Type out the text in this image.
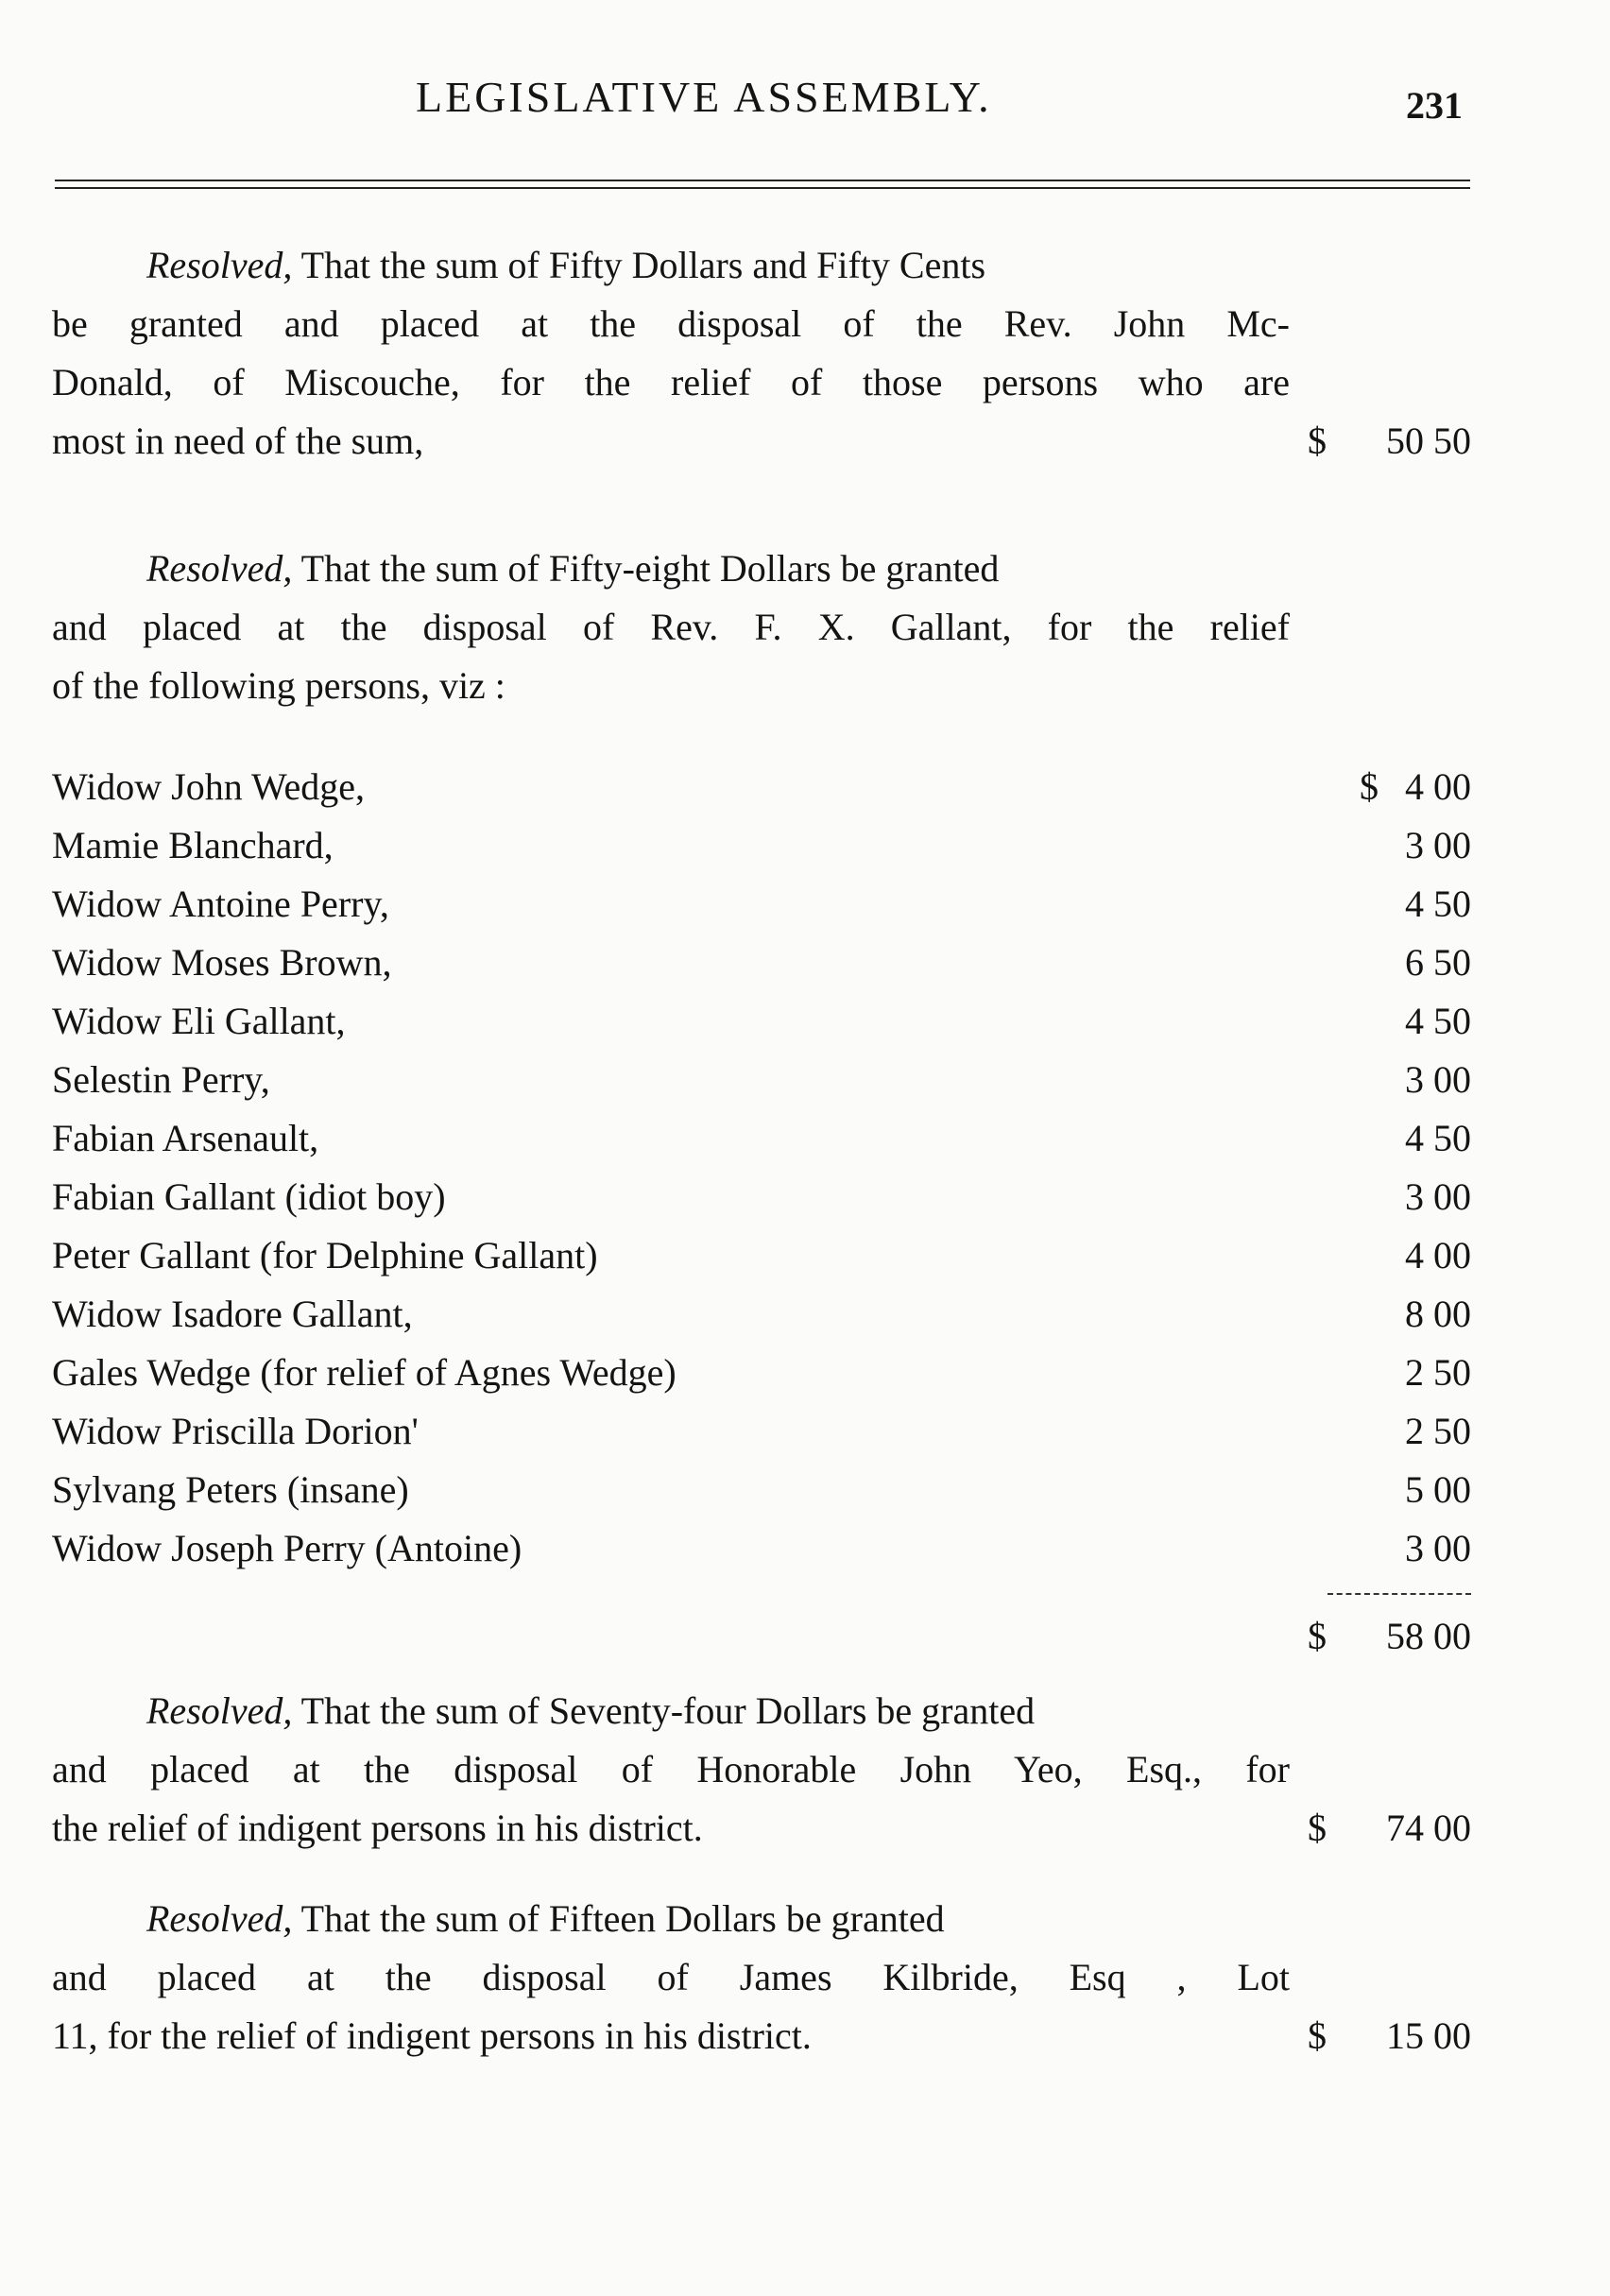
LEGISLATIVE ASSEMBLY.	231
Resolved, That the sum of Fifty Dollars and Fifty Cents
be granted and placed at the disposal of the Rev. John Mc-
Donald, of Miscouche, for the relief of those persons who are
most in need of the sum,	$ 50 50
Resolved, That the sum of Fifty-eight Dollars be granted
and placed at the disposal of Rev. F. X. Gallant, for the relief
of the following persons, viz :
Widow John Wedge,	$ 4 00
Mamie Blanchard,	3 00
Widow Antoine Perry,	4 50
Widow Moses Brown,	6 50
Widow Eli Gallant,	4 50
Selestin Perry,	3 00
Fabian Arsenault,	4 50
Fabian Gallant (idiot boy)	3 00
Peter Gallant (for Delphine Gallant)	4 00
Widow Isadore Gallant,	8 00
Gales Wedge (for relief of Agnes Wedge)	2 50
Widow Priscilla Dorion'	2 50
Sylvang Peters (insane)	5 00
Widow Joseph Perry (Antoine)	3 00
$ 58 00
Resolved, That the sum of Seventy-four Dollars be granted
and placed at the disposal of Honorable John Yeo, Esq., for
the relief of indigent persons in his district.	$ 74 00
Resolved, That the sum of Fifteen Dollars be granted
and placed at the disposal of James Kilbride, Esq , Lot
11, for the relief of indigent persons in his district.	$ 15 00
